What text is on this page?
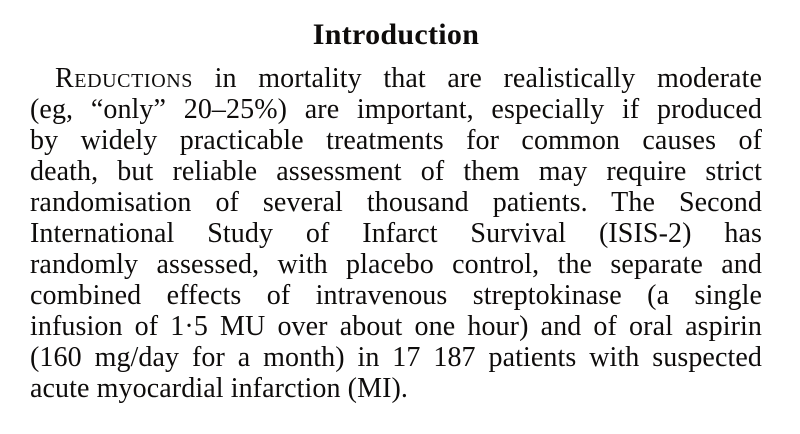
Introduction
Reductions in mortality that are realistically moderate
(eg, “only” 20–25%) are important, especially if produced
by widely practicable treatments for common causes of
death, but reliable assessment of them may require strict
randomisation of several thousand patients. The Second
International Study of Infarct Survival (ISIS-2) has
randomly assessed, with placebo control, the separate and
combined effects of intravenous streptokinase (a single
infusion of 1·5 MU over about one hour) and of oral aspirin
(160 mg/day for a month) in 17 187 patients with suspected
acute myocardial infarction (MI).
